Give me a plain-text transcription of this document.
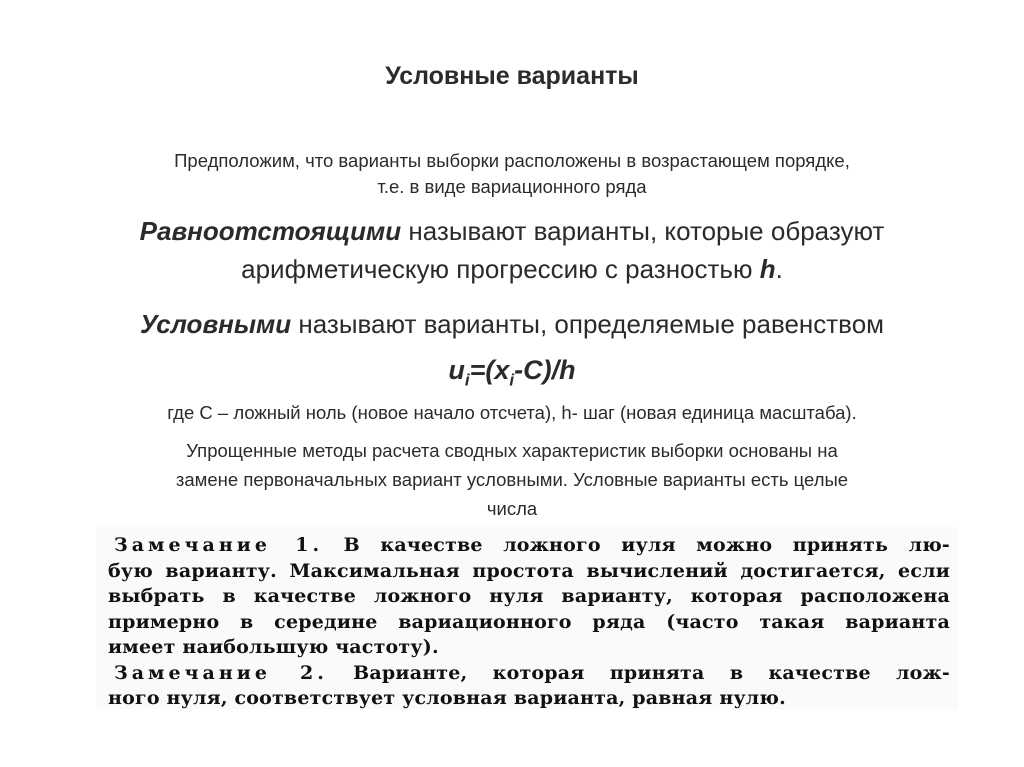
Условные варианты
Предположим, что варианты выборки расположены в возрастающем порядке,
т.е. в виде вариационного ряда
Равноотстоящими называют варианты, которые образуют
арифметическую прогрессию с разностью h.
Условными называют варианты, определяемые равенством
$u_i=(x_i-C)/h$
где C – ложный ноль (новое начало отсчета), h- шаг (новая единица масштаба).
Упрощенные методы расчета сводных характеристик выборки основаны на
замене первоначальных вариант условными. Условные варианты есть целые
числа
Замечание 1. В качестве ложного иуля можно принять лю-
бую варианту. Максимальная простота вычислений достигается, если
выбрать в качестве ложного нуля варианту, которая расположена
примерно в середине вариационного ряда (часто такая варианта
имеет наибольшую частоту).
Замечание 2. Варианте, которая принята в качестве лож-
ного нуля, соответствует условная варианта, равная нулю.
